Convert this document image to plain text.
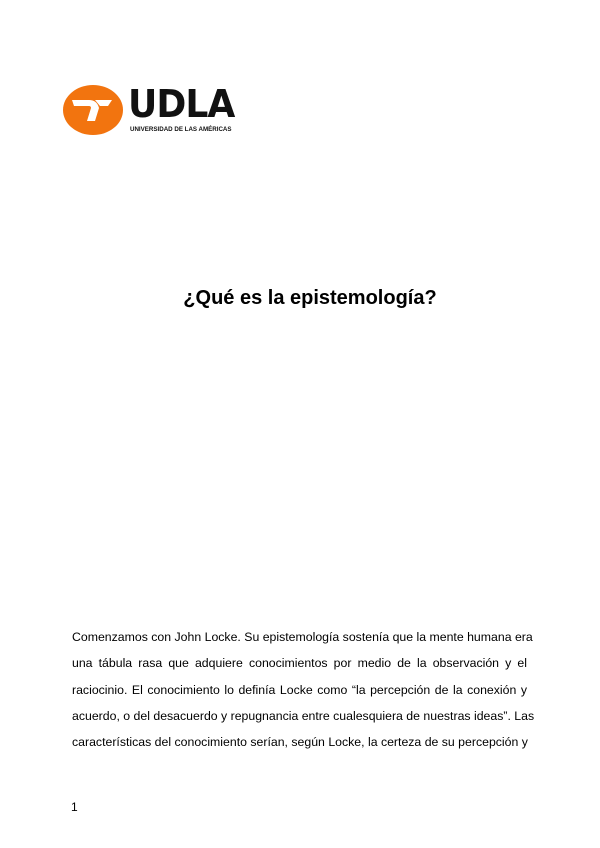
UDLA
UNIVERSIDAD DE LAS AMÉRICAS
¿Qué es la epistemología?

Comenzamos con John Locke. Su epistemología sostenía que la mente humana era
una tábula rasa que adquiere conocimientos por medio de la observación y el
raciocinio. El conocimiento lo definía Locke como “la percepción de la conexión y
acuerdo, o del desacuerdo y repugnancia entre cualesquiera de nuestras ideas”. Las
características del conocimiento serían, según Locke, la certeza de su percepción y

1
